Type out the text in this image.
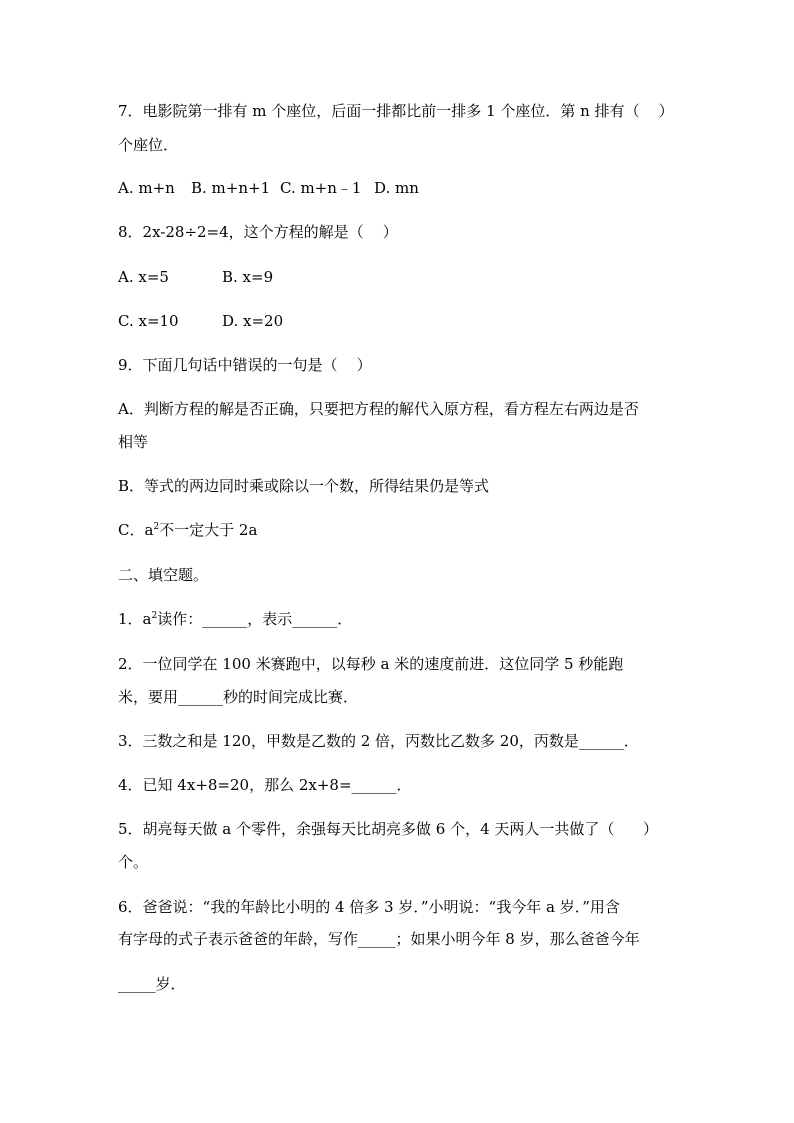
7．电影院第一排有 m 个座位，后面一排都比前一排多 1 个座位．第 n 排有（    ）
个座位．
A. m+n B. m+n+1 C. m+n﹣1 D. mn
8．2x-28÷2=4，这个方程的解是（    ）
A. x=5	B. x=9
C. x=10	D. x=20
9．下面几句话中错误的一句是（    ）
A．判断方程的解是否正确，只要把方程的解代入原方程，看方程左右两边是否
相等
B．等式的两边同时乘或除以一个数，所得结果仍是等式
C．$a^2$不一定大于 2a
二、填空题。
1．$a^2$读作：______，表示______．
2．一位同学在 100 米赛跑中，以每秒 a 米的速度前进．这位同学 5 秒能跑
米，要用______秒的时间完成比赛．
3．三数之和是 120，甲数是乙数的 2 倍，丙数比乙数多 20，丙数是______．
4．已知 4x+8=20，那么 2x+8=______．
5．胡亮每天做 a 个零件，余强每天比胡亮多做 6 个，4 天两人一共做了（      ）
个。
6．爸爸说：“我的年龄比小明的 4 倍多 3 岁．”小明说：“我今年 a 岁．”用含
有字母的式子表示爸爸的年龄，写作_____；如果小明今年 8 岁，那么爸爸今年
_____岁．
